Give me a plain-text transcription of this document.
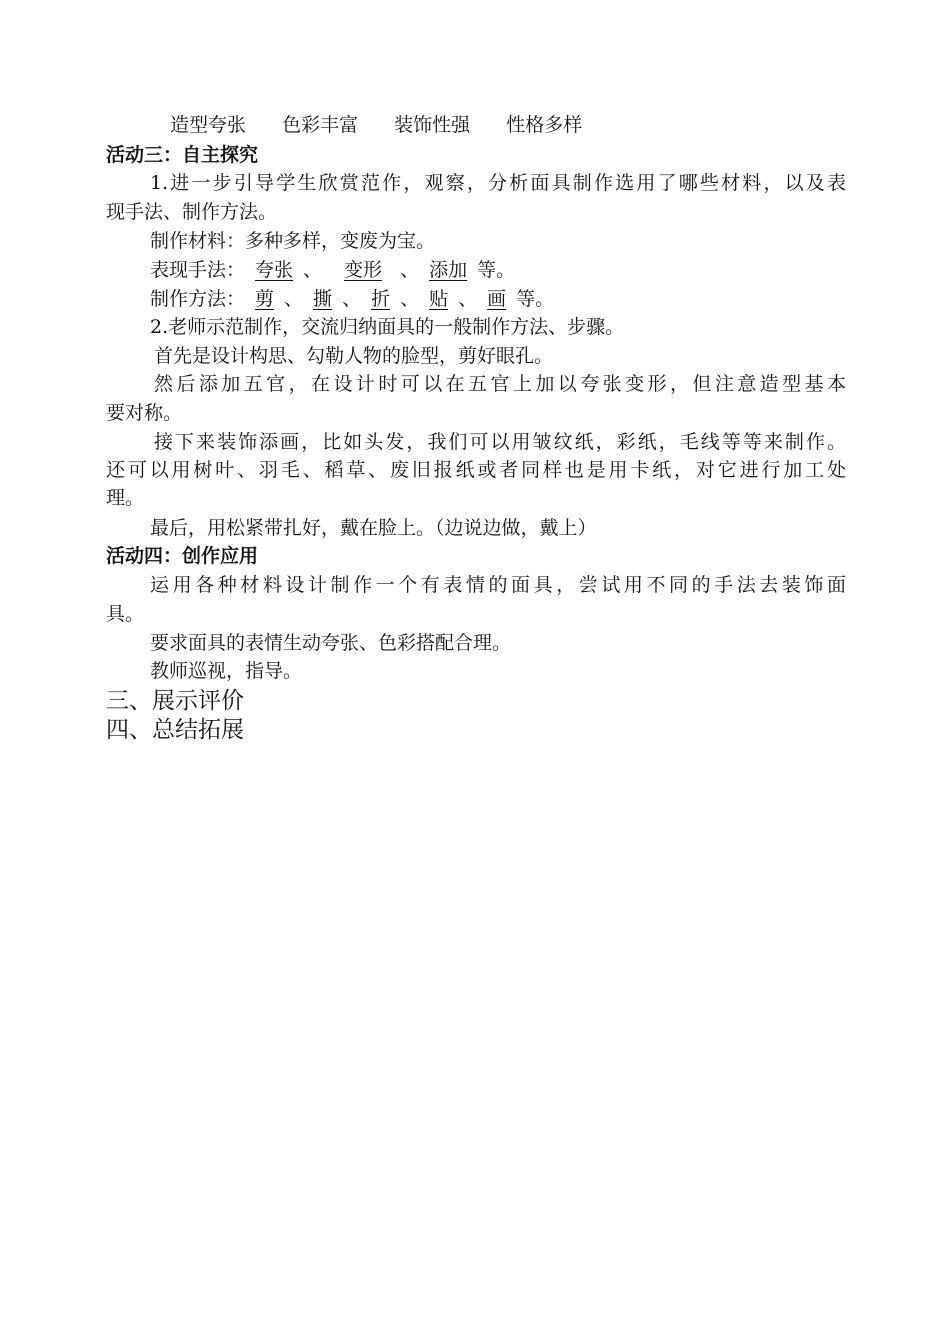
造型夸张 色彩丰富 装饰性强 性格多样
活动三：自主探究
1.进一步引导学生欣赏范作，观察，分析面具制作选用了哪些材料，以及表
现手法、制作方法。
制作材料：多种多样，变废为宝。
表现手法： 夸张 、 变形 、 添加 等。
制作方法： 剪 、 撕 、 折 、 贴 、 画 等。
2.老师示范制作，交流归纳面具的一般制作方法、步骤。
首先是设计构思、勾勒人物的脸型，剪好眼孔。
然后添加五官，在设计时可以在五官上加以夸张变形，但注意造型基本
要对称。
接下来装饰添画，比如头发，我们可以用皱纹纸，彩纸，毛线等等来制作。
还可以用树叶、羽毛、稻草、废旧报纸或者同样也是用卡纸，对它进行加工处
理。
最后，用松紧带扎好，戴在脸上。（边说边做，戴上）
活动四：创作应用
运用各种材料设计制作一个有表情的面具，尝试用不同的手法去装饰面
具。
要求面具的表情生动夸张、色彩搭配合理。
教师巡视，指导。
三、展示评价
四、总结拓展
